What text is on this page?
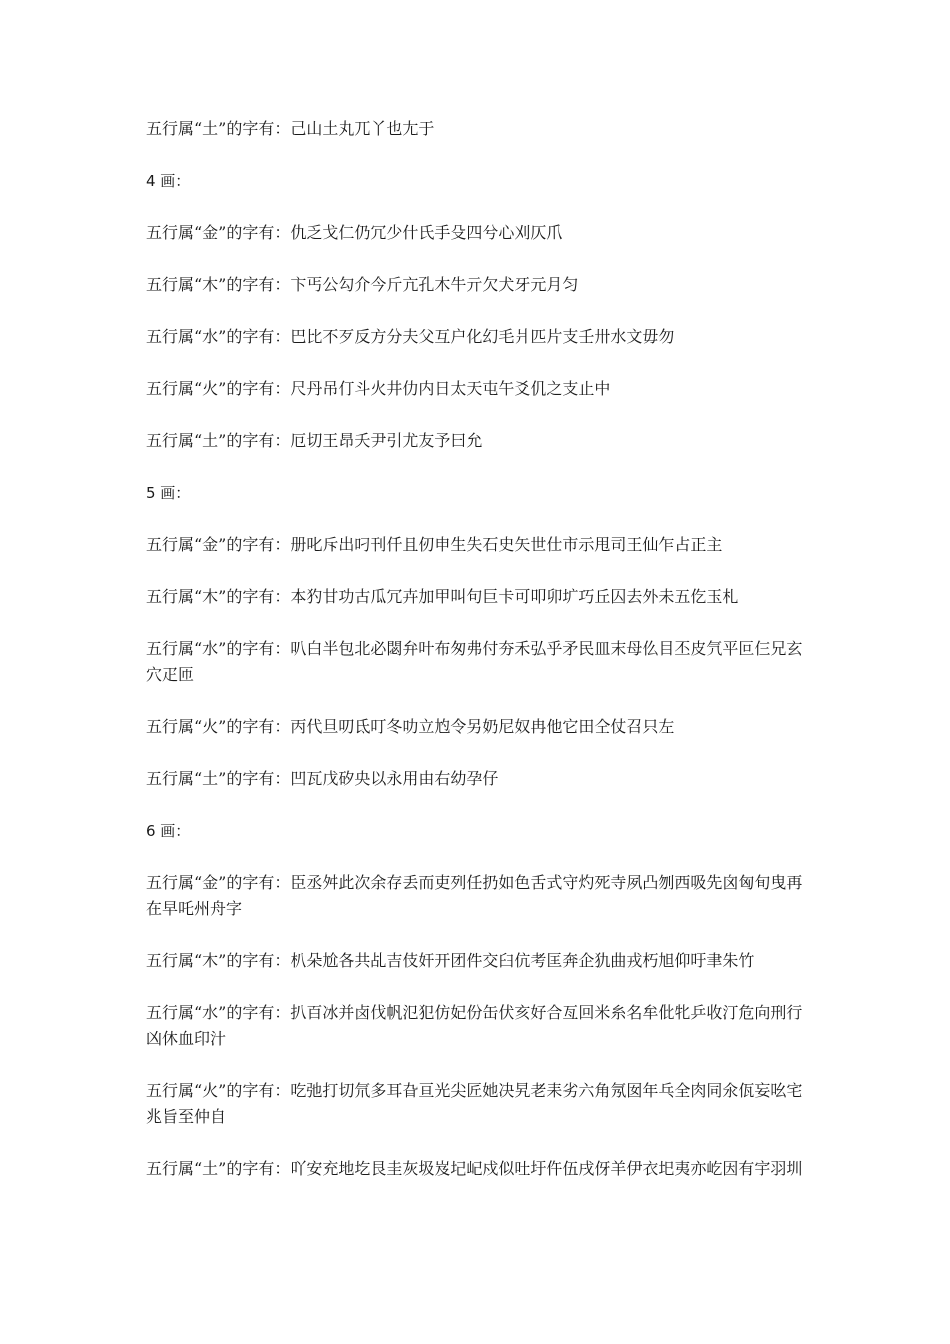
五行属“土”的字有：己山土丸兀丫也尢于
4 画：
五行属“金”的字有：仇乏戈仁仍冗少什氏手殳四兮心刈仄爪
五行属“木”的字有：卞丐公勾介今斤亢孔木牛亓欠犬牙元月匀
五行属“水”的字有：巴比不歹反方分夫父互户化幻毛爿匹片支壬卅水文毋勿
五行属“火”的字有：尺丹吊仃斗火井仂内日太天屯午爻仉之支止中
五行属“土”的字有：厄切王昂夭尹引尤友予曰允
5 画：
五行属“金”的字有：册叱斥出叼刊仟且仞申生失石史矢世仕市示甩司王仙乍占正主
五行属“木”的字有：本犳甘功古瓜冗卉加甲叫句巨卡可叩卯圹巧丘囚去外未五仡玉札
五行属“水”的字有：叭白半包北必閟弁叶布匆弗付夯禾弘乎矛民皿末母仫目丕皮氕平叵仨兄玄穴疋匝
五行属“火”的字有：丙代旦叨氐叮冬叻立尥令另奶尼奴冉他它田仝仗召只左
五行属“土”的字有：凹瓦戊矽央以永用由右幼孕仔
6 画：
五行属“金”的字有：臣丞舛此次余存丢而吏列任扔如色舌式守灼死寺夙凸刎西吸先囟匈旬曳再在早吒州舟字
五行属“木”的字有：朳朵尬各共乩吉伎奸开团件交臼伉考匡奔企犰曲戎朽旭仰吁聿朱竹
五行属“水”的字有：扒百冰并卤伐帆氾犯仿妃份缶伏亥好合亙回米糸名牟仳牝乒收汀危向刑行凶休血印汁
五行属“火”的字有：吃弛打切氘多耳旮亘光尖匠她决旯老耒劣六角氖囡年乓全肉同氽佤妄吆宅兆旨至仲自
五行属“土”的字有：吖安充地圪艮圭灰圾岌圮屺戍似吐圩仵伍戌伢羊伊衣圯夷亦屹因有宇羽圳
